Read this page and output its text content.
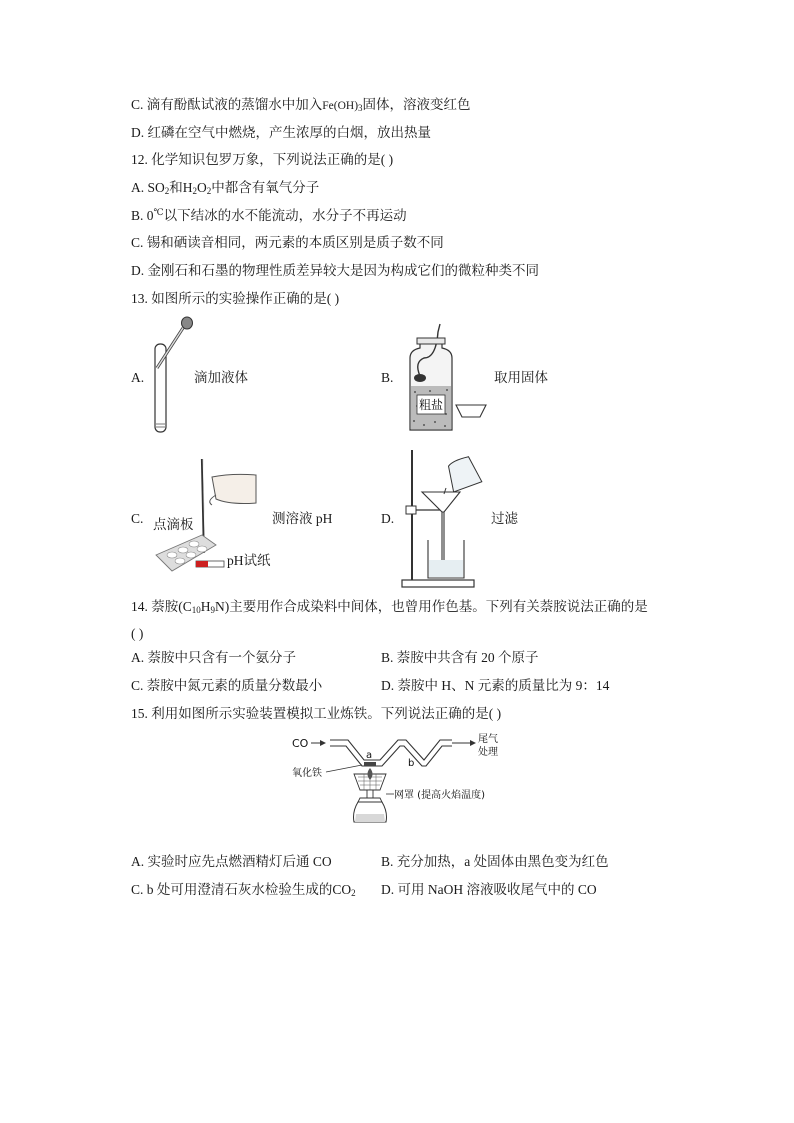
C. 滴有酚酞试液的蒸馏水中加入$Fe(OH)_3$固体，溶液变红色
D. 红磷在空气中燃烧，产生浓厚的白烟，放出热量
12. 化学知识包罗万象，下列说法正确的是( )
A. $SO_2$和$H_2O_2$中都含有氧气分子
B. 0℃以下结冰的水不能流动，水分子不再运动
C. 锡和硒读音相同，两元素的本质区别是质子数不同
D. 金刚石和石墨的物理性质差异较大是因为构成它们的微粒种类不同
13. 如图所示的实验操作正确的是( )
A.	滴加液体	B.	取用固体
粗盐
C. 点滴板	测溶液 pH
pH试纸
D.	过滤
14. 萘胺$(C_{10}H_9N)$主要用作合成染料中间体，也曾用作色基。下列有关萘胺说法正确的是
( )
A. 萘胺中只含有一个氨分子	B. 萘胺中共含有 20 个原子
C. 萘胺中氮元素的质量分数最小	D. 萘胺中 H、N 元素的质量比为 9：14
15. 利用如图所示实验装置模拟工业炼铁。下列说法正确的是( )
CO	尾气
处理
a
b
氧化铁
网罩 (提高火焰温度)
A. 实验时应先点燃酒精灯后通 CO	B. 充分加热，a 处固体由黑色变为红色
C. b 处可用澄清石灰水检验生成的$CO_2$ D. 可用 NaOH 溶液吸收尾气中的 CO
